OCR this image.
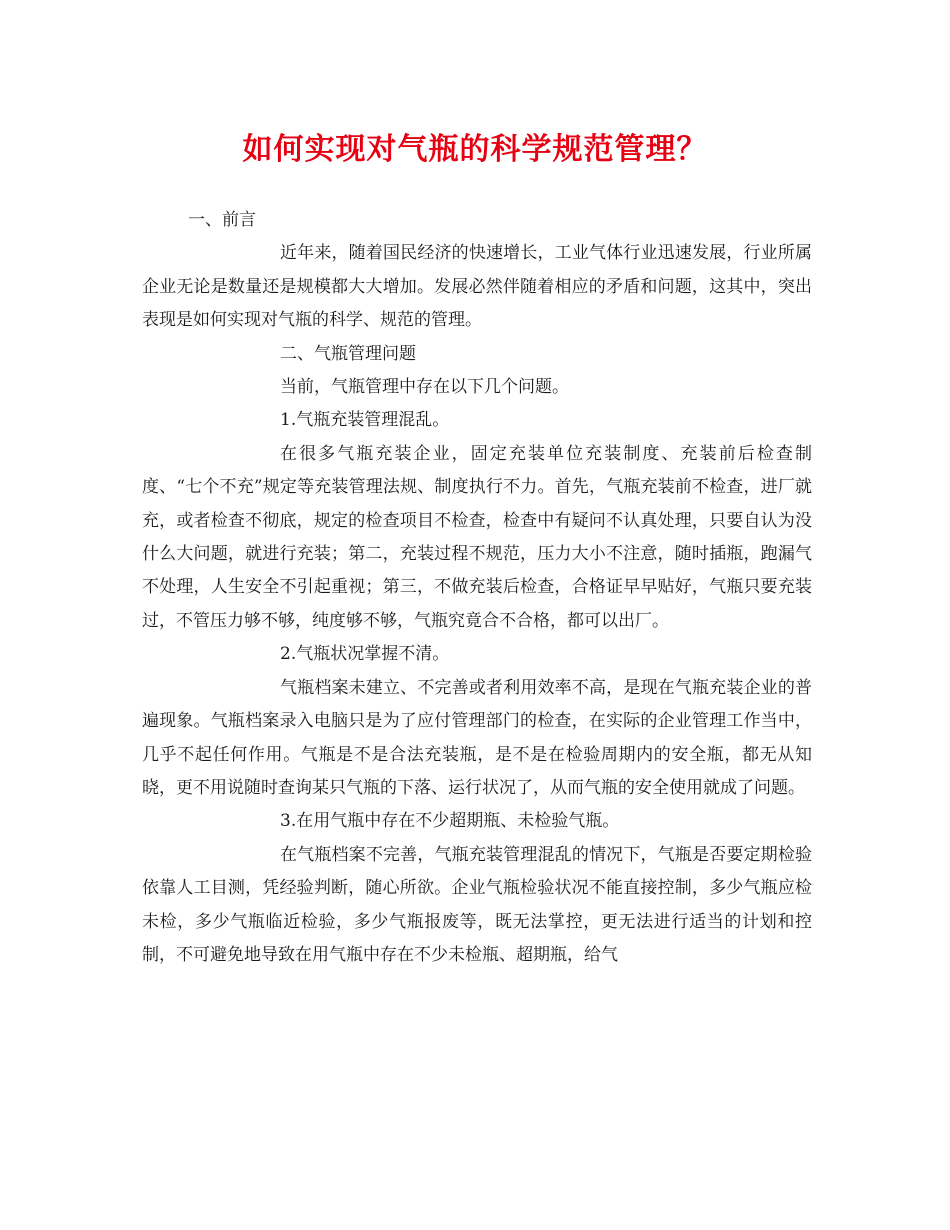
如何实现对气瓶的科学规范管理？

一、前言

近年来，随着国民经济的快速增长，工业气体行业迅速发展，行业所属企业无论是数量还是规模都大大增加。发展必然伴随着相应的矛盾和问题，这其中，突出表现是如何实现对气瓶的科学、规范的管理。

二、气瓶管理问题

当前，气瓶管理中存在以下几个问题。

1.气瓶充装管理混乱。

在很多气瓶充装企业，固定充装单位充装制度、充装前后检查制度、“七个不充”规定等充装管理法规、制度执行不力。首先，气瓶充装前不检查，进厂就充，或者检查不彻底，规定的检查项目不检查，检查中有疑问不认真处理，只要自认为没什么大问题，就进行充装；第二，充装过程不规范，压力大小不注意，随时插瓶，跑漏气不处理，人生安全不引起重视；第三，不做充装后检查，合格证早早贴好，气瓶只要充装过，不管压力够不够，纯度够不够，气瓶究竟合不合格，都可以出厂。

2.气瓶状况掌握不清。

气瓶档案未建立、不完善或者利用效率不高，是现在气瓶充装企业的普遍现象。气瓶档案录入电脑只是为了应付管理部门的检查，在实际的企业管理工作当中，几乎不起任何作用。气瓶是不是合法充装瓶，是不是在检验周期内的安全瓶，都无从知晓，更不用说随时查询某只气瓶的下落、运行状况了，从而气瓶的安全使用就成了问题。

3.在用气瓶中存在不少超期瓶、未检验气瓶。

在气瓶档案不完善，气瓶充装管理混乱的情况下，气瓶是否要定期检验依靠人工目测，凭经验判断，随心所欲。企业气瓶检验状况不能直接控制，多少气瓶应检未检，多少气瓶临近检验，多少气瓶报废等，既无法掌控，更无法进行适当的计划和控制，不可避免地导致在用气瓶中存在不少未检瓶、超期瓶，给气
